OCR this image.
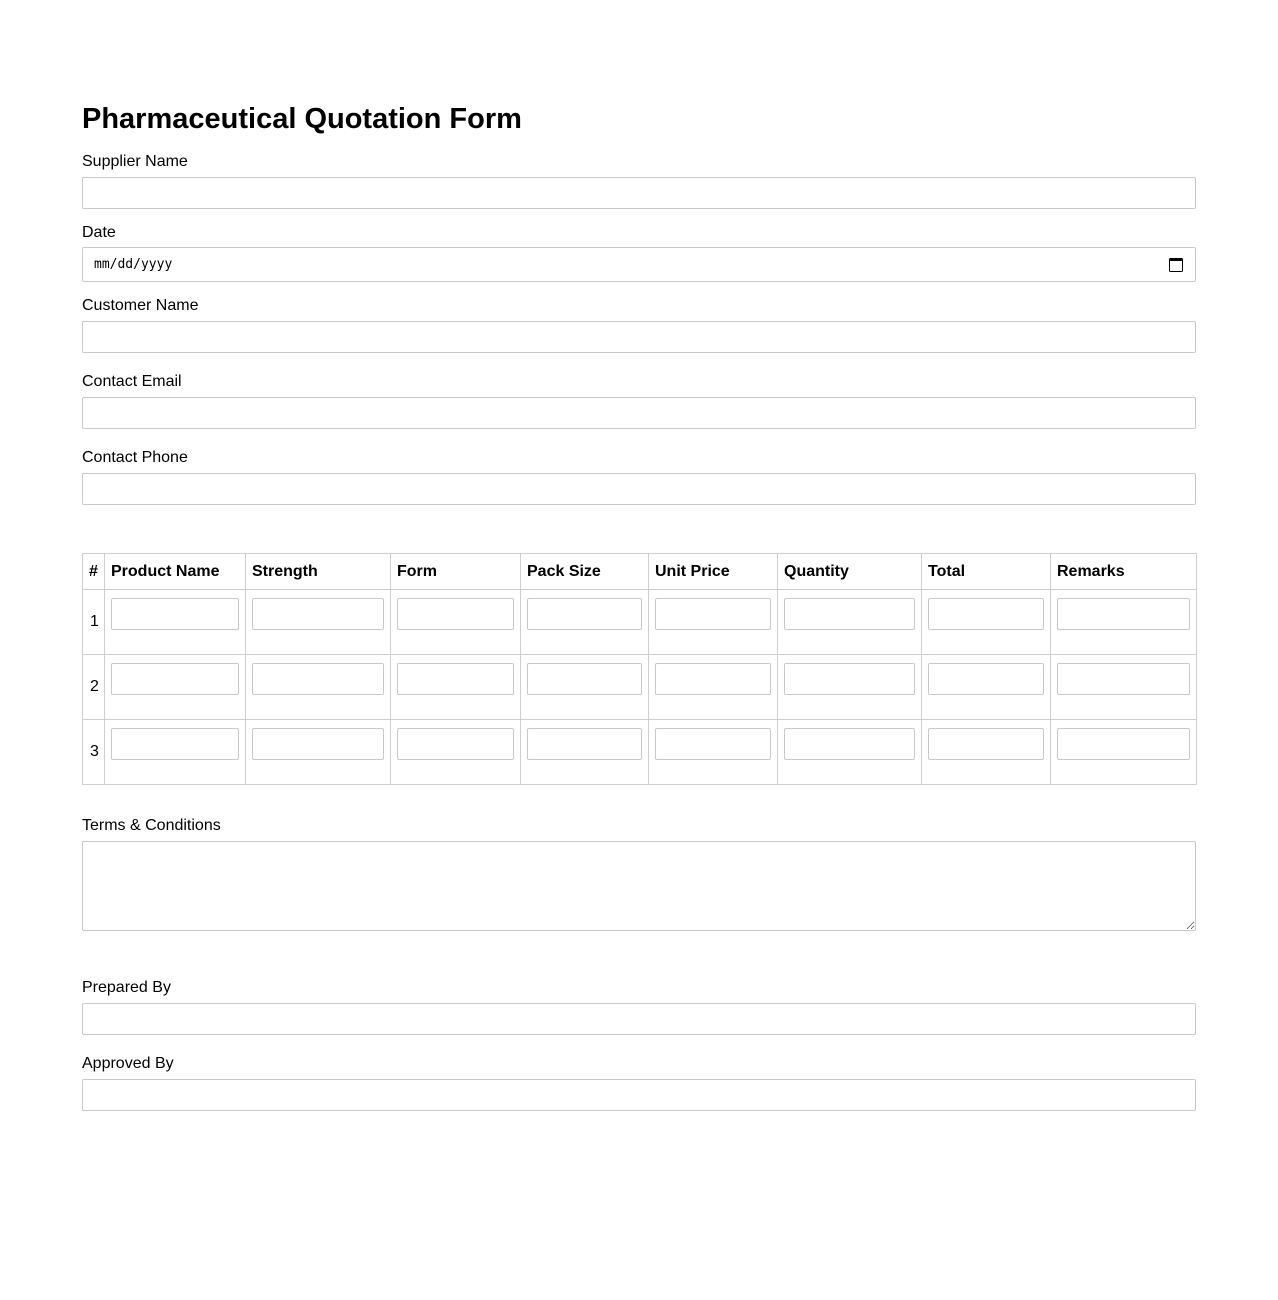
Pharmaceutical Quotation Form
Supplier Name
Date
mm/dd/yyyy
Customer Name
Contact Email
Contact Phone
#	Product Name	Strength	Form	Pack Size	Unit Price	Quantity	Total	Remarks
1	

2	

3	

Terms & Conditions
Prepared By
Approved By
